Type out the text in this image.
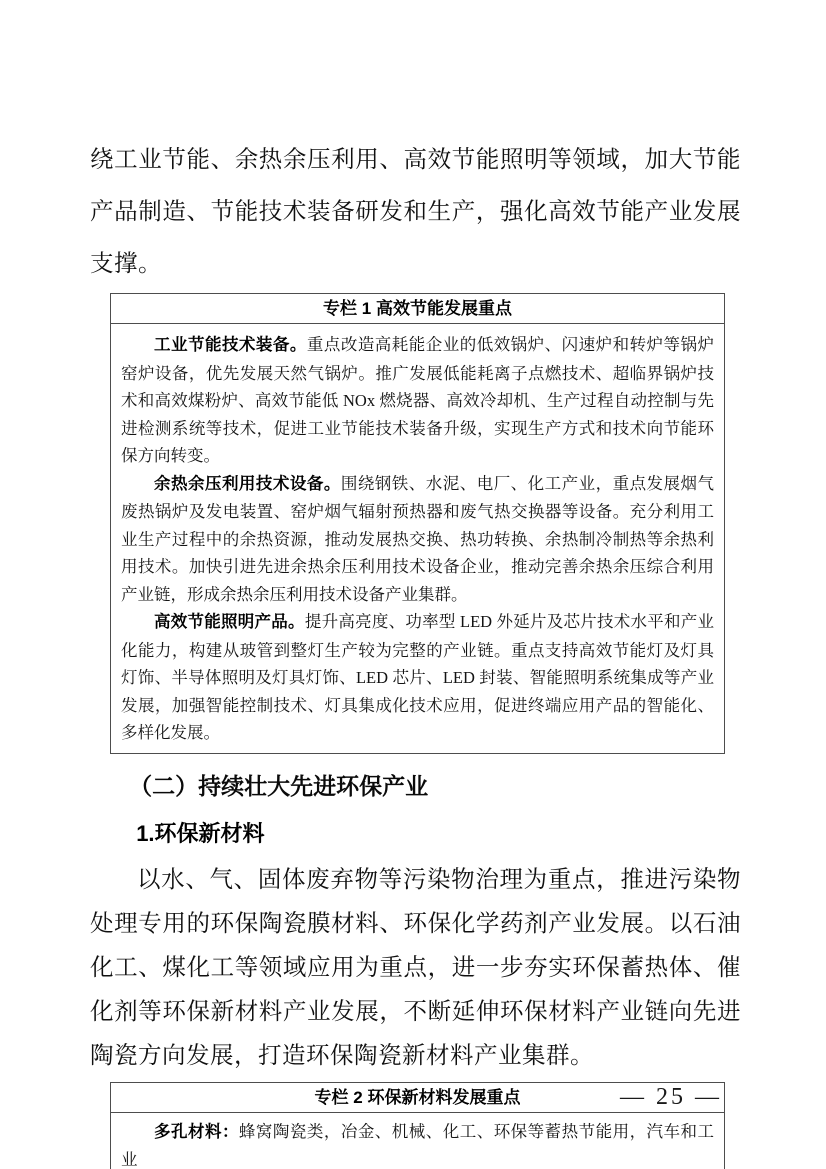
绕工业节能、余热余压利用、高效节能照明等领域，加大节能产品制造、节能技术装备研发和生产，强化高效节能产业发展支撑。

专栏 1 高效节能发展重点

工业节能技术装备。重点改造高耗能企业的低效锅炉、闪速炉和转炉等锅炉窑炉设备，优先发展天然气锅炉。推广发展低能耗离子点燃技术、超临界锅炉技术和高效煤粉炉、高效节能低 NOx 燃烧器、高效冷却机、生产过程自动控制与先进检测系统等技术，促进工业节能技术装备升级，实现生产方式和技术向节能环保方向转变。

余热余压利用技术设备。围绕钢铁、水泥、电厂、化工产业，重点发展烟气废热锅炉及发电装置、窑炉烟气辐射预热器和废气热交换器等设备。充分利用工业生产过程中的余热资源，推动发展热交换、热功转换、余热制冷制热等余热利用技术。加快引进先进余热余压利用技术设备企业，推动完善余热余压综合利用产业链，形成余热余压利用技术设备产业集群。

高效节能照明产品。提升高亮度、功率型 LED 外延片及芯片技术水平和产业化能力，构建从玻管到整灯生产较为完整的产业链。重点支持高效节能灯及灯具灯饰、半导体照明及灯具灯饰、LED 芯片、LED 封装、智能照明系统集成等产业发展，加强智能控制技术、灯具集成化技术应用，促进终端应用产品的智能化、多样化发展。

（二）持续壮大先进环保产业
1.环保新材料

以水、气、固体废弃物等污染物治理为重点，推进污染物处理专用的环保陶瓷膜材料、环保化学药剂产业发展。以石油化工、煤化工等领域应用为重点，进一步夯实环保蓄热体、催化剂等环保新材料产业发展，不断延伸环保材料产业链向先进陶瓷方向发展，打造环保陶瓷新材料产业集群。

专栏 2 环保新材料发展重点

多孔材料：蜂窝陶瓷类，冶金、机械、化工、环保等蓄热节能用，汽车和工业

— 25 —
